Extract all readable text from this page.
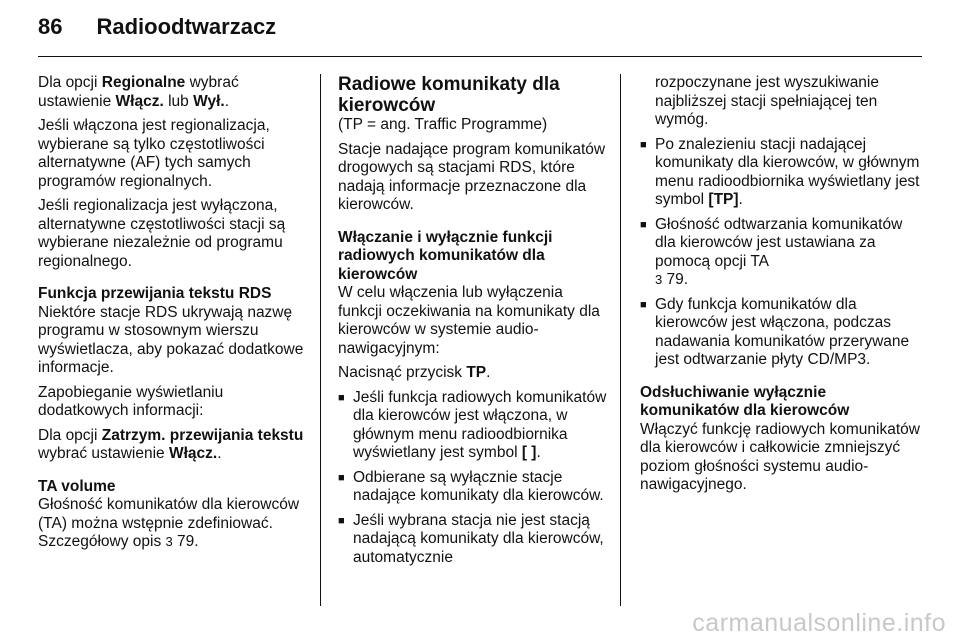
86 Radioodtwarzacz

Dla opcji Regionalne wybrać ustawienie Włącz. lub Wył..

Jeśli włączona jest regionalizacja, wybierane są tylko częstotliwości alternatywne (AF) tych samych programów regionalnych.

Jeśli regionalizacja jest wyłączona, alternatywne częstotliwości stacji są wybierane niezależnie od programu regionalnego.

Funkcja przewijania tekstu RDS

Niektóre stacje RDS ukrywają nazwę programu w stosownym wierszu wyświetlacza, aby pokazać dodatkowe informacje.

Zapobieganie wyświetlaniu dodatkowych informacji:

Dla opcji Zatrzym. przewijania tekstu wybrać ustawienie Włącz..

TA volume

Głośność komunikatów dla kierowców (TA) można wstępnie zdefiniować. Szczegółowy opis 3 79.

Radiowe komunikaty dla kierowców

(TP = ang. Traffic Programme)

Stacje nadające program komunikatów drogowych są stacjami RDS, które nadają informacje przeznaczone dla kierowców.

Włączanie i wyłącznie funkcji radiowych komunikatów dla kierowców

W celu włączenia lub wyłączenia funkcji oczekiwania na komunikaty dla kierowców w systemie audio-nawigacyjnym:

Nacisnąć przycisk TP.

■ Jeśli funkcja radiowych komunikatów dla kierowców jest włączona, w głównym menu radioodbiornika wyświetlany jest symbol [ ].
■ Odbierane są wyłącznie stacje nadające komunikaty dla kierowców.
■ Jeśli wybrana stacja nie jest stacją nadającą komunikaty dla kierowców, automatycznie

rozpoczynane jest wyszukiwanie najbliższej stacji spełniającej ten wymóg.

■ Po znalezieniu stacji nadającej komunikaty dla kierowców, w głównym menu radioodbiornika wyświetlany jest symbol [TP].
■ Głośność odtwarzania komunikatów dla kierowców jest ustawiana za pomocą opcji TA
3 79.
■ Gdy funkcja komunikatów dla kierowców jest włączona, podczas nadawania komunikatów przerywane jest odtwarzanie płyty CD/MP3.

Odsłuchiwanie wyłącznie komunikatów dla kierowców

Włączyć funkcję radiowych komunikatów dla kierowców i całkowicie zmniejszyć poziom głośności systemu audio-nawigacyjnego.

carmanualsonline.info
